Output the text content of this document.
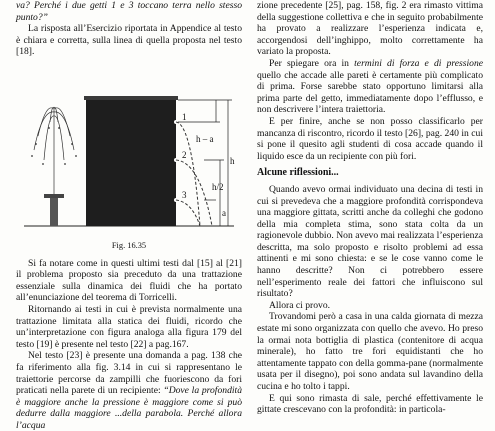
va? Perché i due getti 1 e 3 toccano terra nello stesso punto?”

La risposta all’Esercizio riportata in Appendice al testo è chiara e corretta, sulla linea di quella proposta nel testo [18].

1
2
3
h
h – a
h/2
a
Fig. 16.35

Si fa notare come in questi ultimi testi dal [15] al [21] il problema proposto sia preceduto da una trattazione essenziale sulla dinamica dei fluidi che ha portato all’enunciazione del teorema di Torricelli.

Ritornando ai testi in cui è prevista normalmente una trattazione limitata alla statica dei fluidi, ricordo che un’interpretazione con figura analoga alla figura 179 del testo [19] è presente nel testo [22] a pag.167.

Nel testo [23] è presente una domanda a pag. 138 che fa riferimento alla fig. 3.14 in cui si rappresentano le traiettorie percorse da zampilli che fuoriescono da fori praticati nella parete di un recipiente: “Dove la profondità è maggiore anche la pressione è maggiore come si può dedurre dalla maggiore ...della parabola. Perché allora l’acqua

zione precedente [25], pag. 158, fig. 2 era rimasto vittima della suggestione collettiva e che in seguito probabilmente ha provato a realizzare l’esperienza indicata e, accorgendosi dell’inghippo, molto correttamente ha variato la proposta.

Per spiegare ora in termini di forza e di pressione quello che accade alle pareti è certamente più complicato di prima. Forse sarebbe stato opportuno limitarsi alla prima parte del getto, immediatamente dopo l’efflusso, e non descrivere l’intera traiettoria.

E per finire, anche se non posso classificarlo per mancanza di riscontro, ricordo il testo [26], pag. 240 in cui si pone il quesito agli studenti di cosa accade quando il liquido esce da un recipiente con più fori.

Alcune riflessioni...

Quando avevo ormai individuato una decina di testi in cui si prevedeva che a maggiore profondità corrispondeva una maggiore gittata, scritti anche da colleghi che godono della mia completa stima, sono stata colta da un ragionevole dubbio. Non avevo mai realizzata l’esperienza descritta, ma solo proposto e risolto problemi ad essa attinenti e mi sono chiesta: e se le cose vanno come le hanno descritte? Non ci potrebbero essere nell’esperimento reale dei fattori che influiscono sul risultato?

Allora ci provo.

Trovandomi però a casa in una calda giornata di mezza estate mi sono organizzata con quello che avevo. Ho preso la ormai nota bottiglia di plastica (contenitore di acqua minerale), ho fatto tre fori equidistanti che ho attentamente tappato con della gomma-pane (normalmente usata per il disegno), poi sono andata sul lavandino della cucina e ho tolto i tappi.

E qui sono rimasta di sale, perché effettivamente le gittate crescevano con la profondità: in particola-
